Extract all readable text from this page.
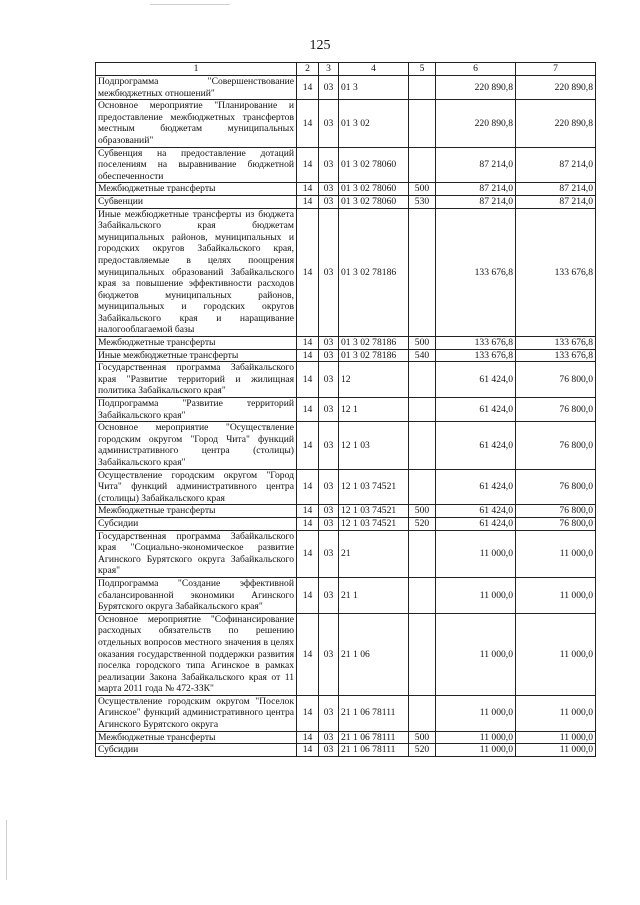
125
1	2	3	4	5	6	7
Подпрограмма "Совершенствование межбюджетных отношений"	14	03	01 3		220 890,8	220 890,8
Основное мероприятие "Планирование и предоставление межбюджетных трансфертов местным бюджетам муниципальных образований"	14	03	01 3 02		220 890,8	220 890,8
Субвенция на предоставление дотаций поселениям на выравнивание бюджетной обеспеченности	14	03	01 3 02 78060		87 214,0	87 214,0
Межбюджетные трансферты	14	03	01 3 02 78060	500	87 214,0	87 214,0
Субвенции	14	03	01 3 02 78060	530	87 214,0	87 214,0
Иные межбюджетные трансферты из бюджета Забайкальского края бюджетам муниципальных районов, муниципальных и городских округов Забайкальского края, предоставляемые в целях поощрения муниципальных образований Забайкальского края за повышение эффективности расходов бюджетов муниципальных районов, муниципальных и городских округов Забайкальского края и наращивание налогооблагаемой базы	14	03	01 3 02 78186		133 676,8	133 676,8
Межбюджетные трансферты	14	03	01 3 02 78186	500	133 676,8	133 676,8
Иные межбюджетные трансферты	14	03	01 3 02 78186	540	133 676,8	133 676,8
Государственная программа Забайкальского края "Развитие территорий и жилищная политика Забайкальского края"	14	03	12		61 424,0	76 800,0
Подпрограмма "Развитие территорий Забайкальского края"	14	03	12 1		61 424,0	76 800,0
Основное мероприятие "Осуществление городским округом "Город Чита" функций административного центра (столицы) Забайкальского края"	14	03	12 1 03		61 424,0	76 800,0
Осуществление городским округом "Город Чита" функций административного центра (столицы) Забайкальского края	14	03	12 1 03 74521		61 424,0	76 800,0
Межбюджетные трансферты	14	03	12 1 03 74521	500	61 424,0	76 800,0
Субсидии	14	03	12 1 03 74521	520	61 424,0	76 800,0
Государственная программа Забайкальского края "Социально-экономическое развитие Агинского Бурятского округа Забайкальского края"	14	03	21		11 000,0	11 000,0
Подпрограмма "Создание эффективной сбалансированной экономики Агинского Бурятского округа Забайкальского края"	14	03	21 1		11 000,0	11 000,0
Основное мероприятие "Софинансирование расходных обязательств по решению отдельных вопросов местного значения в целях оказания государственной поддержки развития поселка городского типа Агинское в рамках реализации Закона Забайкальского края от 11 марта 2011 года № 472-ЗЗК"	14	03	21 1 06		11 000,0	11 000,0
Осуществление городским округом "Поселок Агинское" функций административного центра Агинского Бурятского округа	14	03	21 1 06 78111		11 000,0	11 000,0
Межбюджетные трансферты	14	03	21 1 06 78111	500	11 000,0	11 000,0
Субсидии	14	03	21 1 06 78111	520	11 000,0	11 000,0
